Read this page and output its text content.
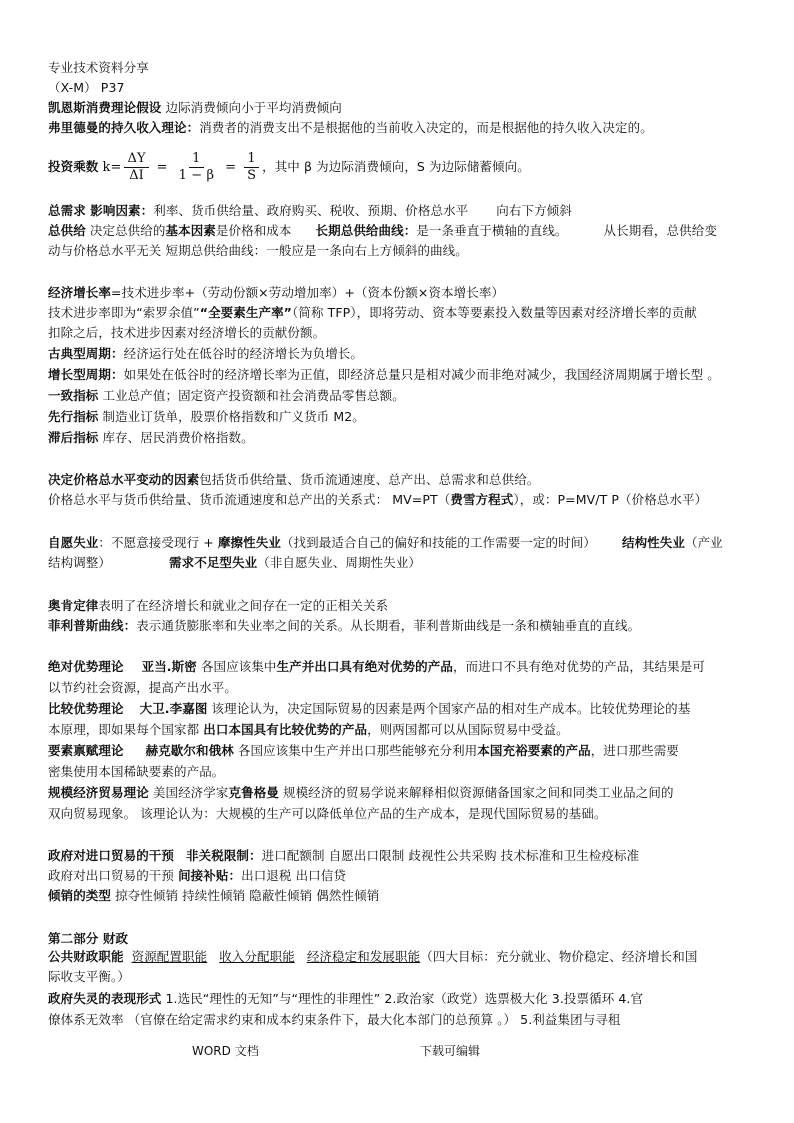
专业技术资料分享
（X-M） P37
凯恩斯消费理论假设 边际消费倾向小于平均消费倾向
弗里德曼的持久收入理论：消费者的消费支出不是根据他的当前收入决定的，而是根据他的持久收入决定的。
投资乘数 $k= \frac{\Delta Y}{\Delta I} = \frac{1}{1 - \beta} = \frac{1}{S}$ ，其中 β 为边际消费倾向，S 为边际储蓄倾向。
总需求 影响因素：利率、货币供给量、政府购买、税收、预期、价格总水平 向右下方倾斜
总供给 决定总供给的基本因素是价格和成本 长期总供给曲线：是一条垂直于横轴的直线。	从长期看，总供给变
动与价格总水平无关 短期总供给曲线：一般应是一条向右上方倾斜的曲线。
经济增长率=技术进步率+（劳动份额×劳动增加率）+（资本份额×资本增长率）
技术进步率即为“索罗余值”“全要素生产率”（简称 TFP），即将劳动、资本等要素投入数量等因素对经济增长率的贡献
扣除之后，技术进步因素对经济增长的贡献份额。
古典型周期：经济运行处在低谷时的经济增长为负增长。
增长型周期：如果处在低谷时的经济增长率为正值，即经济总量只是相对减少而非绝对减少，我国经济周期属于增长型 。
一致指标 工业总产值；固定资产投资额和社会消费品零售总额。
先行指标 制造业订货单，股票价格指数和广义货币 M2。
滞后指标 库存、居民消费价格指数。
决定价格总水平变动的因素包括货币供给量、货币流通速度、总产出、总需求和总供给。
价格总水平与货币供给量、货币流通速度和总产出的关系式： MV=PT（费雪方程式），或：P=MV/T P（价格总水平）
自愿失业：不愿意接受现行 + 摩擦性失业（找到最适合自己的偏好和技能的工作需要一定的时间） 结构性失业（产业
结构调整）	需求不足型失业（非自愿失业、周期性失业）
奥肯定律表明了在经济增长和就业之间存在一定的正相关关系
菲利普斯曲线：表示通货膨胀率和失业率之间的关系。从长期看，菲利普斯曲线是一条和横轴垂直的直线。
绝对优势理论 亚当.斯密 各国应该集中生产并出口具有绝对优势的产品，而进口不具有绝对优势的产品，其结果是可
以节约社会资源，提高产出水平。
比较优势理论 大卫.李嘉图 该理论认为，决定国际贸易的因素是两个国家产品的相对生产成本。比较优势理论的基
本原理，即如果每个国家都 出口本国具有比较优势的产品，则两国都可以从国际贸易中受益。
要素禀赋理论 赫克歇尔和俄林 各国应该集中生产并出口那些能够充分利用本国充裕要素的产品，进口那些需要
密集使用本国稀缺要素的产品。
规模经济贸易理论 美国经济学家克鲁格曼 规模经济的贸易学说来解释相似资源储备国家之间和同类工业品之间的
双向贸易现象。 该理论认为：大规模的生产可以降低单位产品的生产成本，是现代国际贸易的基础。
政府对进口贸易的干预 非关税限制：进口配额制 自愿出口限制 歧视性公共采购 技术标准和卫生检疫标准
政府对出口贸易的干预 间接补贴：出口退税 出口信贷
倾销的类型 掠夺性倾销 持续性倾销 隐蔽性倾销 偶然性倾销
第二部分 财政
公共财政职能 资源配置职能 收入分配职能 经济稳定和发展职能（四大目标：充分就业、物价稳定、经济增长和国
际收支平衡。）
政府失灵的表现形式 1.选民“理性的无知”与“理性的非理性” 2.政治家（政党）选票极大化 3.投票循环 4.官
僚体系无效率 （官僚在给定需求约束和成本约束条件下，最大化本部门的总预算 。） 5.利益集团与寻租
WORD 文档	下载可编辑
